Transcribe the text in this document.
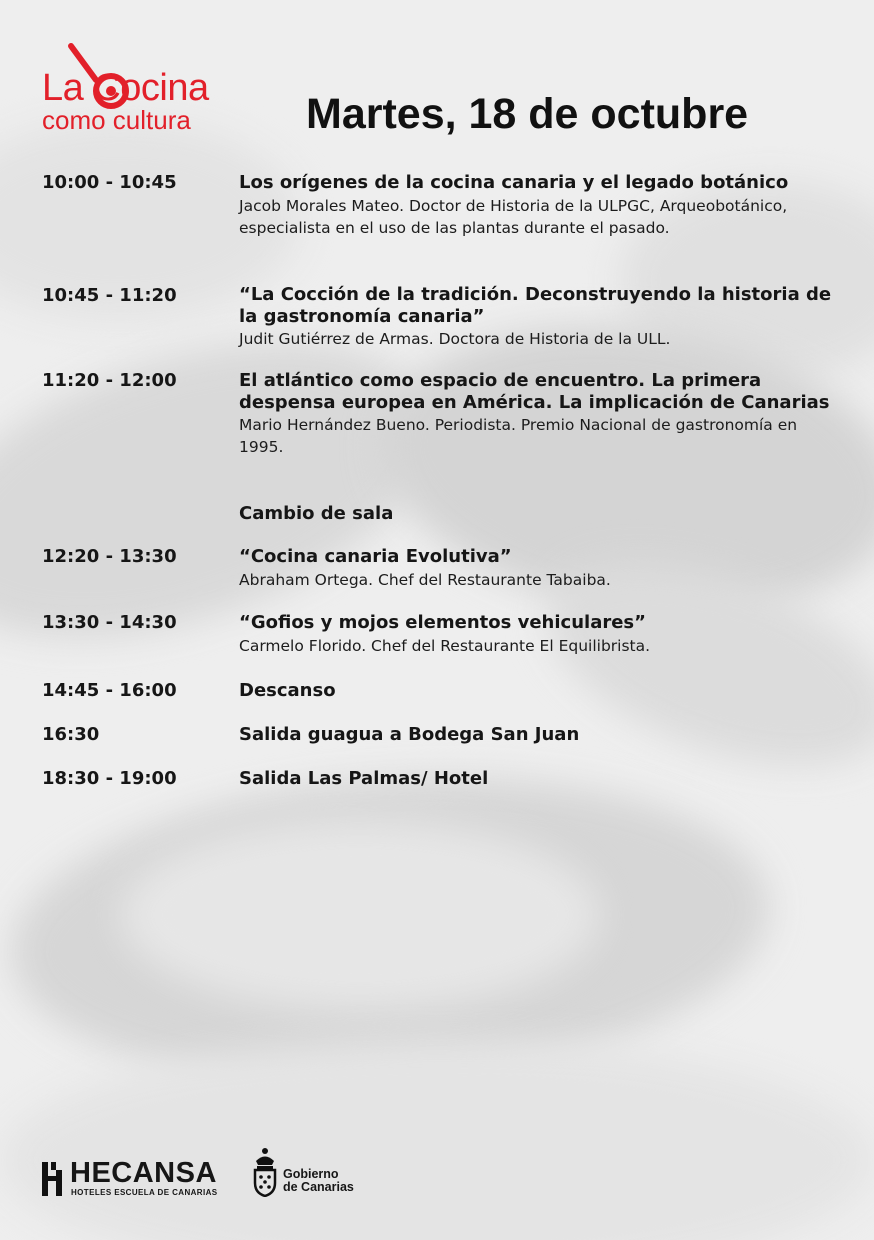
La Cocina
como cultura	Martes, 18 de octubre
10:00 - 10:45	Los orígenes de la cocina canaria y el legado botánico

Jacob Morales Mateo. Doctor de Historia de la ULPGC, Arqueobotánico, especialista en el uso de las plantas durante el pasado.

10:45 - 11:20	“La Cocción de la tradición. Deconstruyendo la historia de la gastronomía canaria”

Judit Gutiérrez de Armas. Doctora de Historia de la ULL.

11:20 - 12:00	El atlántico como espacio de encuentro. La primera despensa europea en América. La implicación de Canarias

Mario Hernández Bueno. Periodista. Premio Nacional de gastronomía en 1995.

Cambio de sala

12:20 - 13:30	“Cocina canaria Evolutiva”

Abraham Ortega. Chef del Restaurante Tabaiba.

13:30 - 14:30	“Gofios y mojos elementos vehiculares”

Carmelo Florido. Chef del Restaurante El Equilibrista.

14:45 - 16:00	Descanso

16:30	Salida guagua a Bodega San Juan

18:30 - 19:00	Salida Las Palmas/ Hotel

HECANSA
HOTELES ESCUELA DE CANARIAS
Gobierno
de Canarias
